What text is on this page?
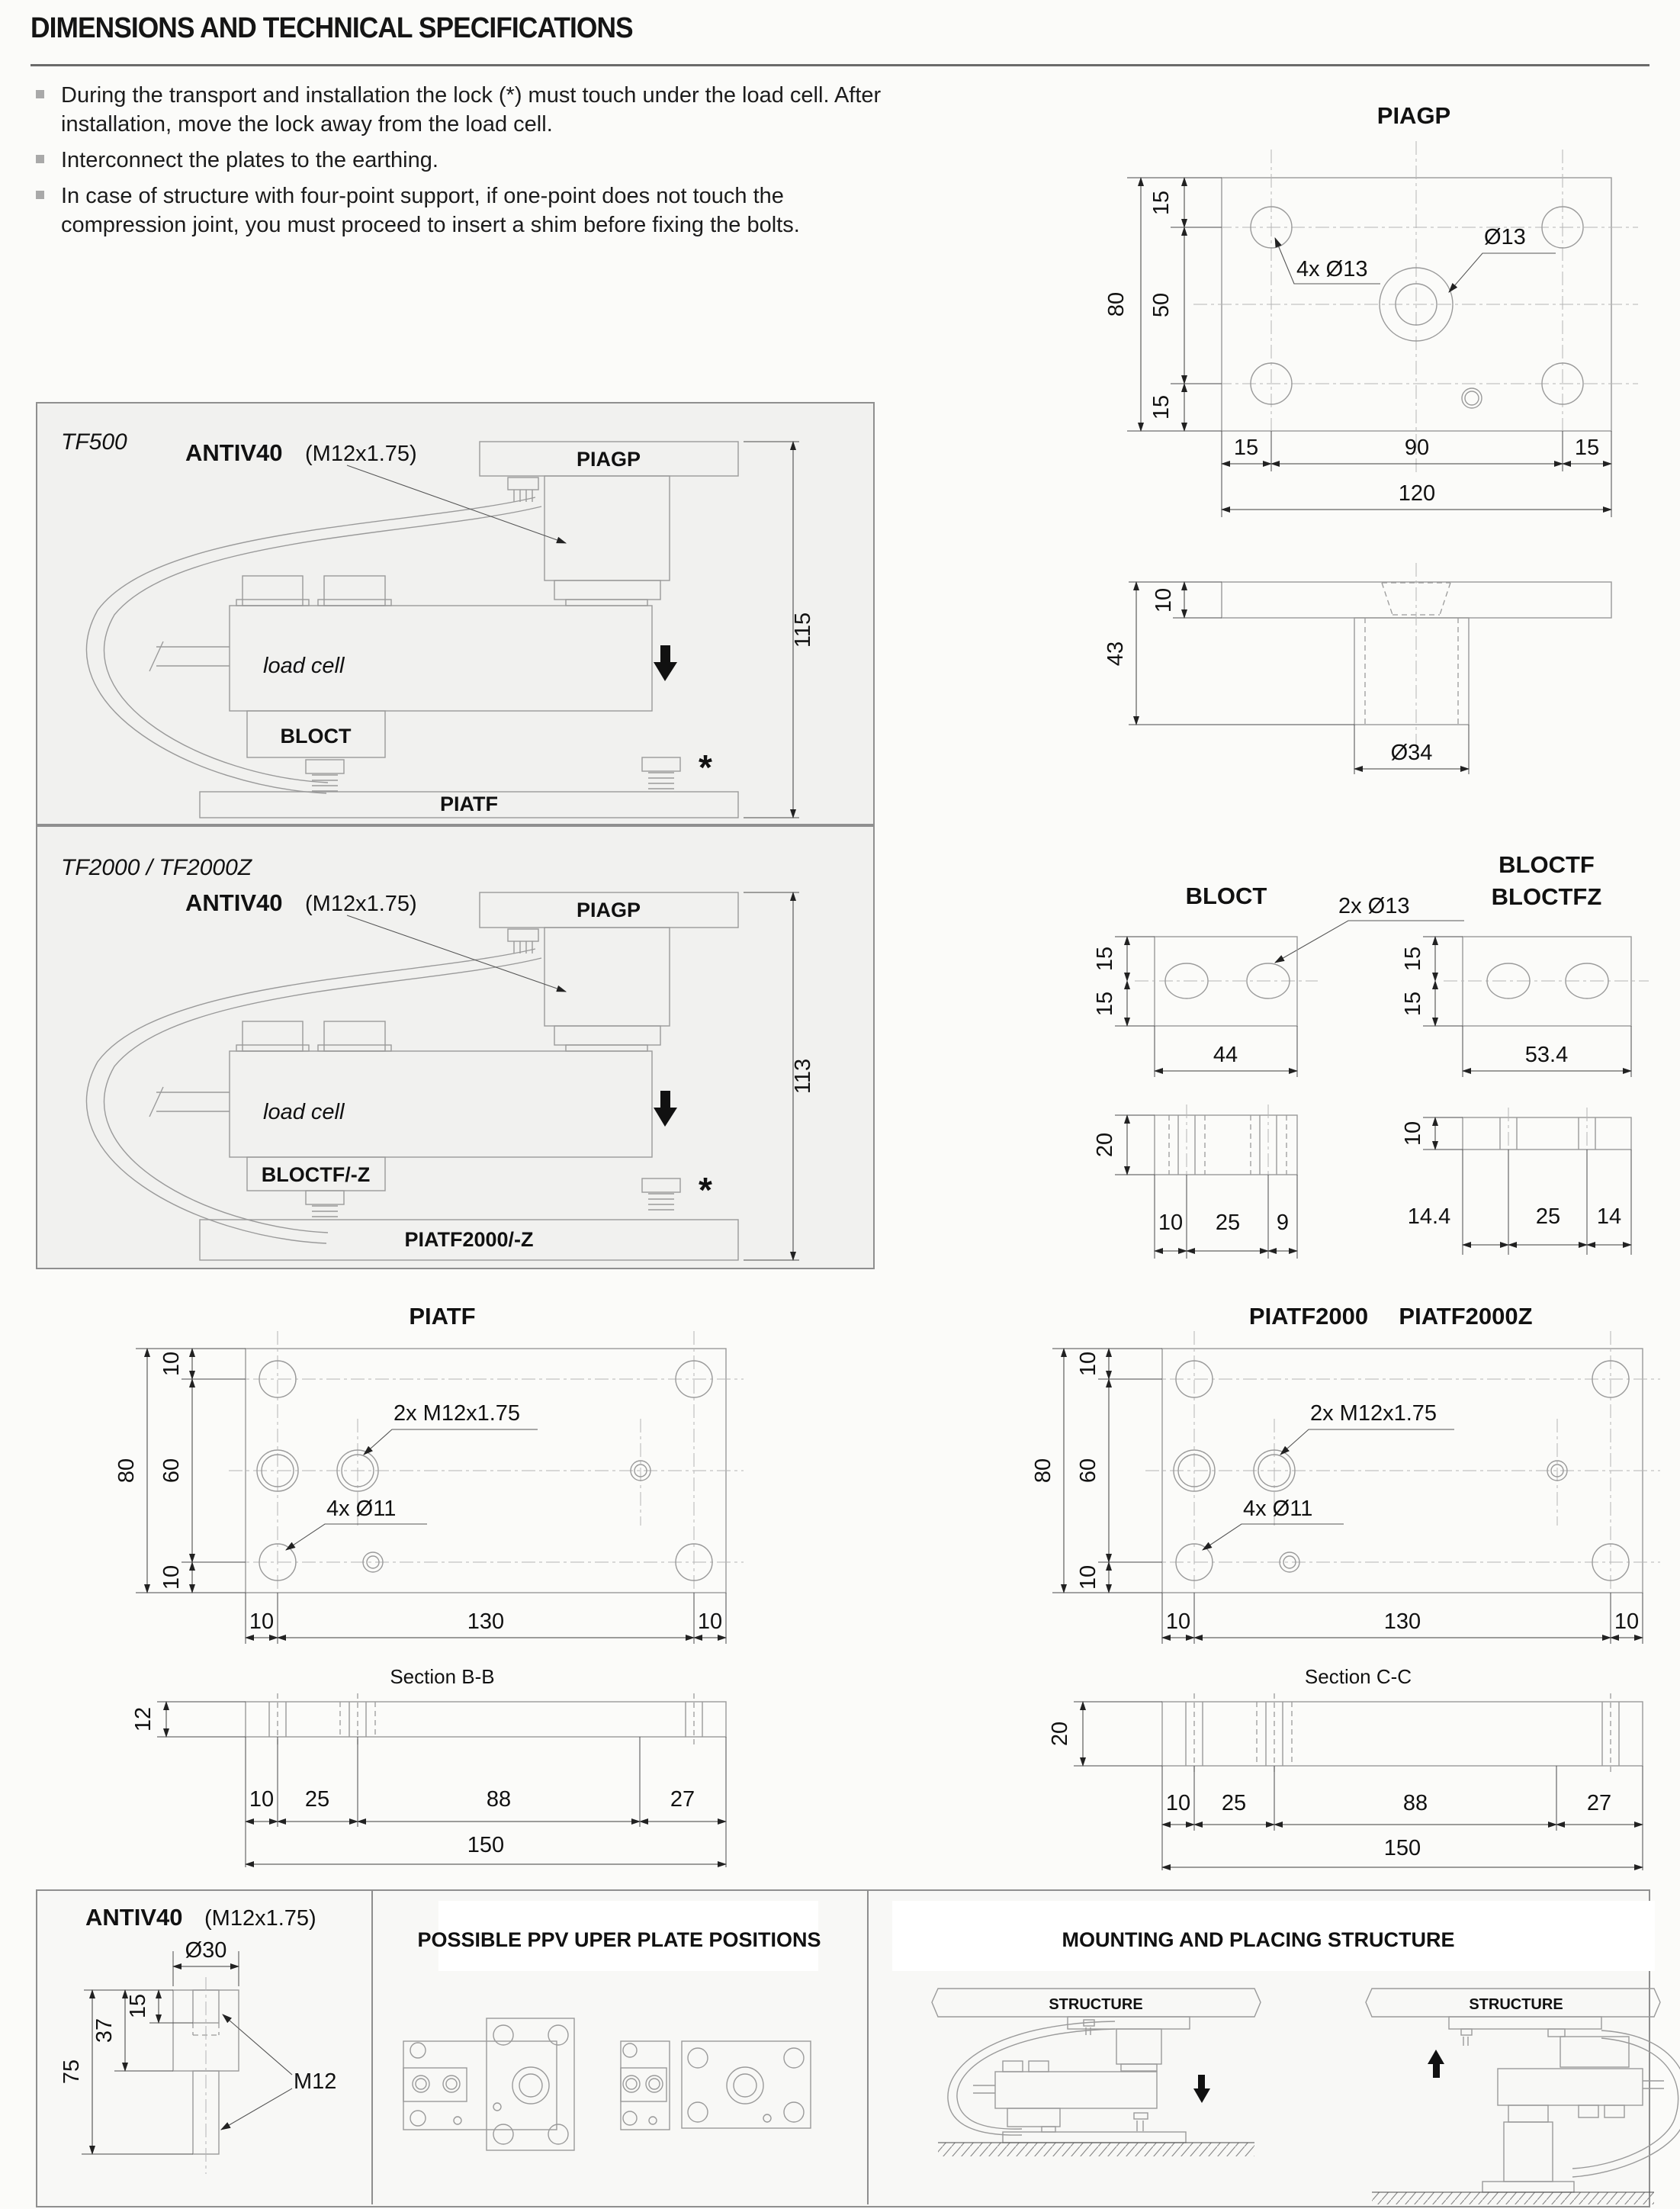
DIMENSIONS AND TECHNICAL SPECIFICATIONS
During the transport and installation the lock (*) must touch under the load cell. After installation, move the lock away from the load cell.
Interconnect the plates to the earthing.
In case of structure with four-point support, if one-point does not touch the compression joint, you must proceed to insert a shim before fixing the bolts.
TF500 ANTIV40 (M12x1.75)	PIAGP
load cell
BLOCT
PIATF
*
115
TF2000 / TF2000Z
ANTIV40 (M12x1.75)	PIAGP
load cell
BLOCTF/-Z
PIATF2000/-Z
*
113
PIAGP
4x Ø13
Ø13
80
15
50
15
15	90	15
120
10
43
Ø34
BLOCT	2x Ø13
15
15
44
20
10 25 9
BLOCTF
BLOCTFZ
15
15
53.4
10
14.4	25 14
PIATF
2x M12x1.75
4x Ø11
80
10
60
10
10	130	10
Section B-B
12
10 25	88	27
150
PIATF2000 PIATF2000Z
2x M12x1.75
4x Ø11
80
10
60
10
10	130	10
Section C-C
20
10 25	88	27
150
ANTIV40 (M12x1.75)
Ø30
15
37
75	M12
POSSIBLE PPV UPER PLATE POSITIONS	MOUNTING AND PLACING STRUCTURE
STRUCTURE	STRUCTURE
